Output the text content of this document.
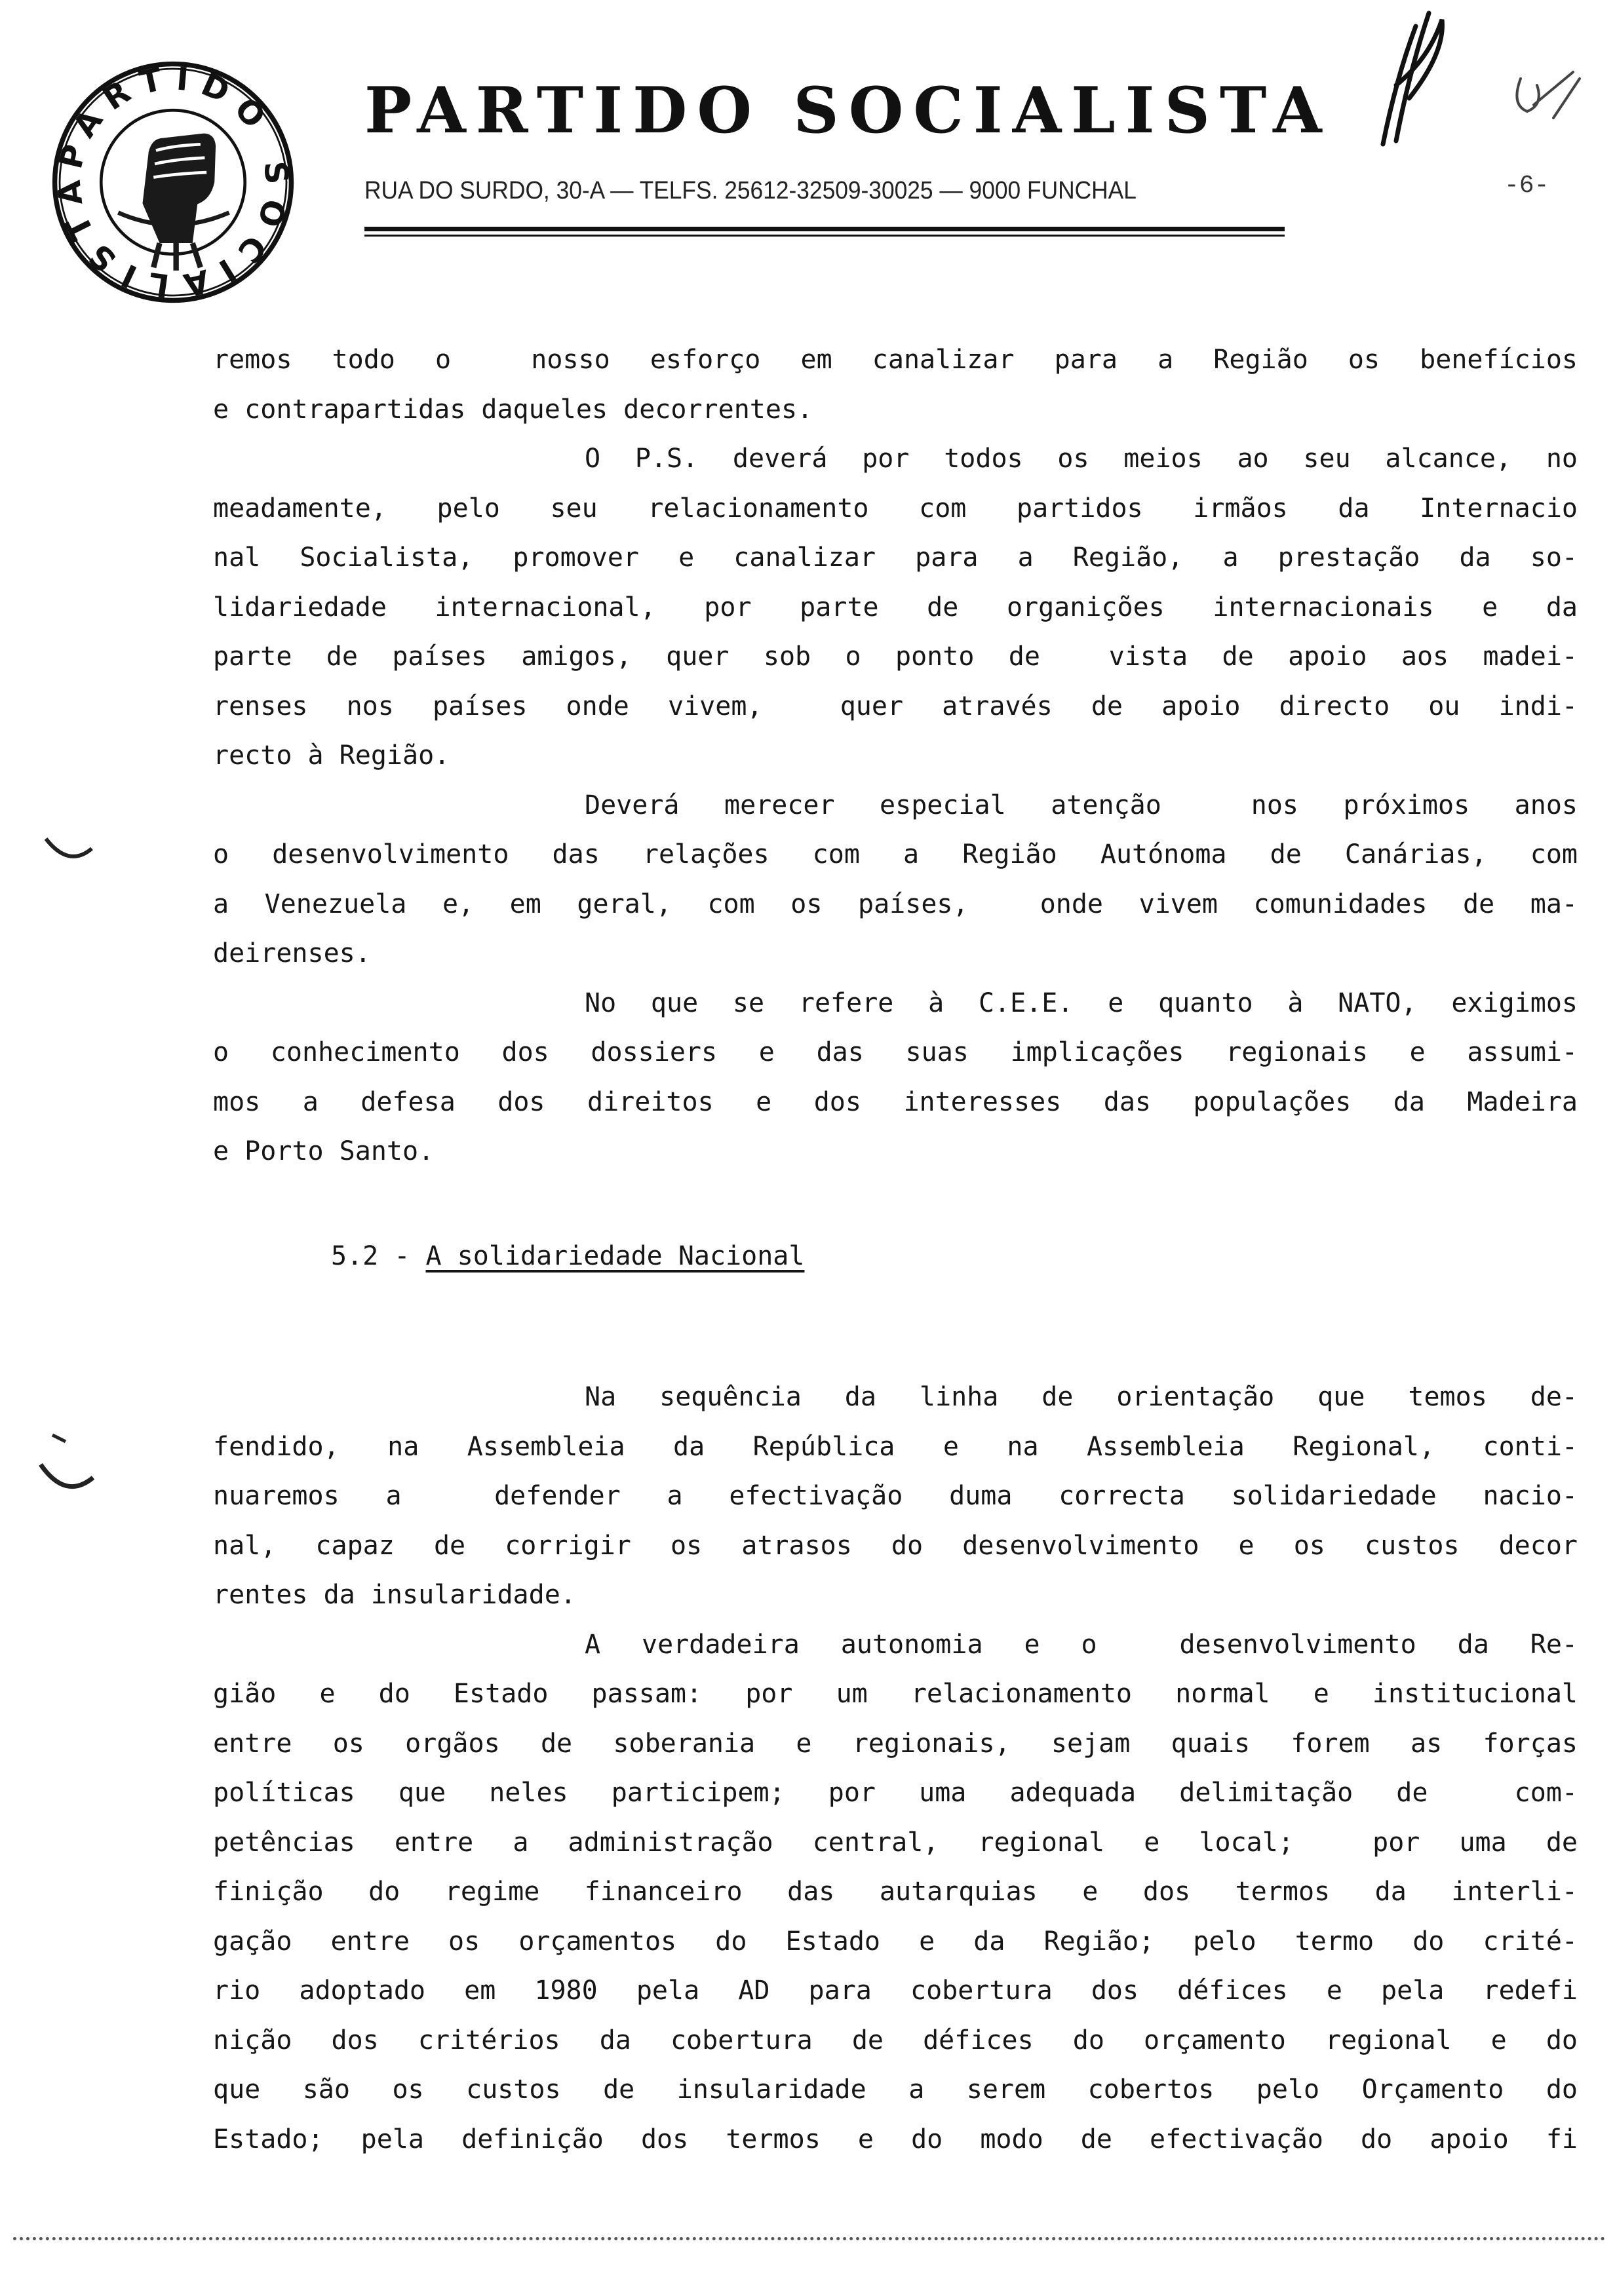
PARTIDO SOCIALISTA
PARTIDO SOCIALISTA
RUA DO SURDO, 30-A — TELFS. 25612-32509-30025 — 9000 FUNCHAL	-6-
remos todo o  nosso esforço em canalizar para a Região os benefícios
e contrapartidas daqueles decorrentes.
O P.S. deverá por todos os meios ao seu alcance, no
meadamente, pelo seu relacionamento com partidos irmãos da Internacio
nal Socialista, promover e canalizar para a Região, a prestação da so-
lidariedade internacional, por parte de organições internacionais e da
parte de países amigos, quer sob o ponto de  vista de apoio aos madei-
renses nos países onde vivem,  quer através de apoio directo ou indi-
recto à Região.
Deverá merecer especial atenção  nos próximos anos
o desenvolvimento das relações com a Região Autónoma de Canárias, com
a Venezuela e, em geral, com os países,  onde vivem comunidades de ma-
deirenses.
No que se refere à C.E.E. e quanto à NATO, exigimos
o conhecimento dos dossiers e das suas implicações regionais e assumi-
mos a defesa dos direitos e dos interesses das populações da Madeira
e Porto Santo.
5.2 - A solidariedade Nacional
Na sequência da linha de orientação que temos de-
fendido, na Assembleia da República e na Assembleia Regional, conti-
nuaremos a  defender a efectivação duma correcta solidariedade nacio-
nal, capaz de corrigir os atrasos do desenvolvimento e os custos decor
rentes da insularidade.
A verdadeira autonomia e o  desenvolvimento da Re-
gião e do Estado passam: por um relacionamento normal e institucional
entre os orgãos de soberania e regionais, sejam quais forem as forças
políticas que neles participem; por uma adequada delimitação de  com-
petências entre a administração central, regional e local;  por uma de
finição do regime financeiro das autarquias e dos termos da interli-
gação entre os orçamentos do Estado e da Região; pelo termo do crité-
rio adoptado em 1980 pela AD para cobertura dos défices e pela redefi
nição dos critérios da cobertura de défices do orçamento regional e do
que são os custos de insularidade a serem cobertos pelo Orçamento do
Estado; pela definição dos termos e do modo de efectivação do apoio fi
